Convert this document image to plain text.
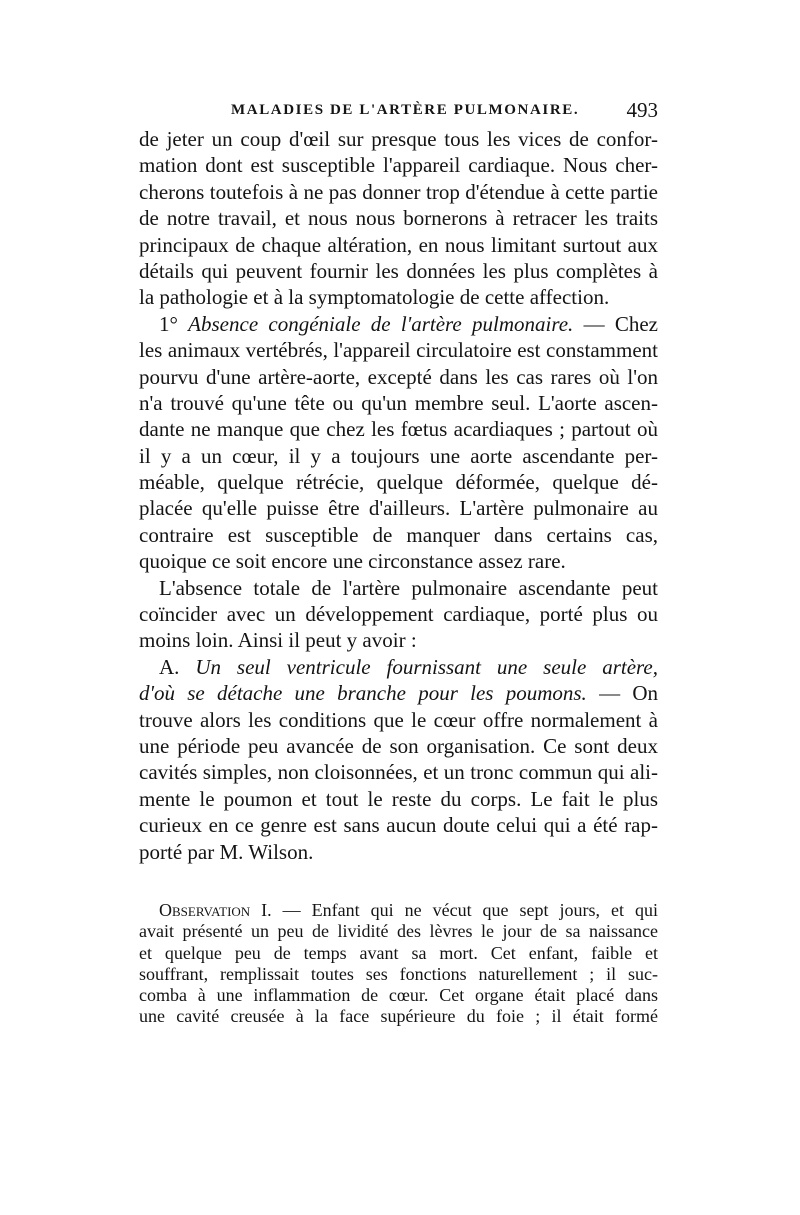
MALADIES DE L'ARTÈRE PULMONAIRE. 493
de jeter un coup d'œil sur presque tous les vices de confor-
mation dont est susceptible l'appareil cardiaque. Nous cher-
cherons toutefois à ne pas donner trop d'étendue à cette partie
de notre travail, et nous nous bornerons à retracer les traits
principaux de chaque altération, en nous limitant surtout aux
détails qui peuvent fournir les données les plus complètes à
la pathologie et à la symptomatologie de cette affection.
1° Absence congéniale de l'artère pulmonaire. — Chez
les animaux vertébrés, l'appareil circulatoire est constamment
pourvu d'une artère-aorte, excepté dans les cas rares où l'on
n'a trouvé qu'une tête ou qu'un membre seul. L'aorte ascen-
dante ne manque que chez les fœtus acardiaques ; partout où
il y a un cœur, il y a toujours une aorte ascendante per-
méable, quelque rétrécie, quelque déformée, quelque dé-
placée qu'elle puisse être d'ailleurs. L'artère pulmonaire au
contraire est susceptible de manquer dans certains cas,
quoique ce soit encore une circonstance assez rare.
L'absence totale de l'artère pulmonaire ascendante peut
coïncider avec un développement cardiaque, porté plus ou
moins loin. Ainsi il peut y avoir :
A. Un seul ventricule fournissant une seule artère,
d'où se détache une branche pour les poumons. — On
trouve alors les conditions que le cœur offre normalement à
une période peu avancée de son organisation. Ce sont deux
cavités simples, non cloisonnées, et un tronc commun qui ali-
mente le poumon et tout le reste du corps. Le fait le plus
curieux en ce genre est sans aucun doute celui qui a été rap-
porté par M. Wilson.
Observation I. — Enfant qui ne vécut que sept jours, et qui
avait présenté un peu de lividité des lèvres le jour de sa naissance
et quelque peu de temps avant sa mort. Cet enfant, faible et
souffrant, remplissait toutes ses fonctions naturellement ; il suc-
comba à une inflammation de cœur. Cet organe était placé dans
une cavité creusée à la face supérieure du foie ; il était formé
